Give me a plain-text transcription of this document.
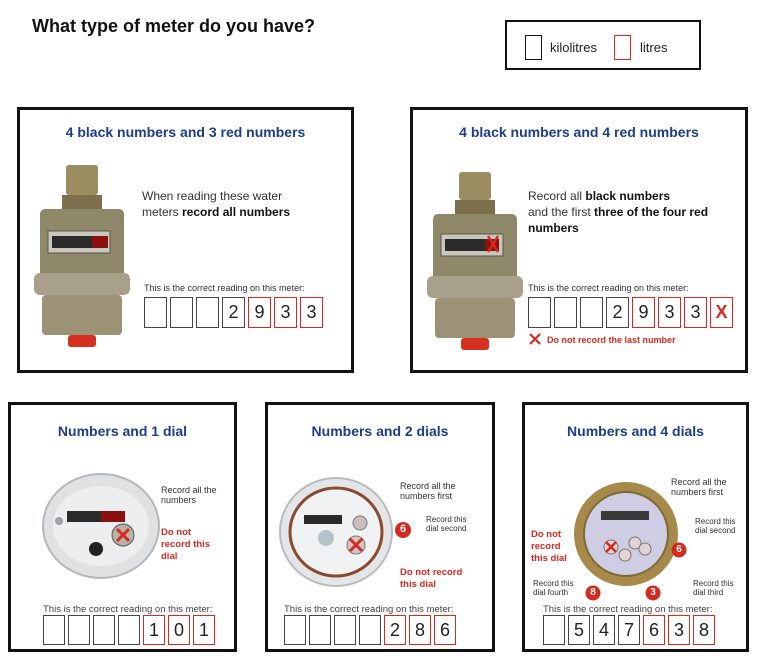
What type of meter do you have?
kilolitres	litres
4 black numbers and 3 red numbers
When reading these water meters record all numbers
This is the correct reading on this meter:
2 9 3 3
4 black numbers and 4 red numbers
Record all black numbers
and the first three of the four red numbers
This is the correct reading on this meter:
2 9 3 3 X
Do not record the last number
Numbers and 1 dial
Record all the numbers
Do not record this dial
This is the correct reading on this meter:
1 0 1
Numbers and 2 dials
Record all the numbers first
Record this dial second
6
Do not record this dial
This is the correct reading on this meter:
2 8 6
Numbers and 4 dials
Record all the numbers first
Record this dial second
Do not record this dial
Record this dial fourth
Record this dial third
6
8	3
This is the correct reading on this meter:
5 4 7 6 3 8
